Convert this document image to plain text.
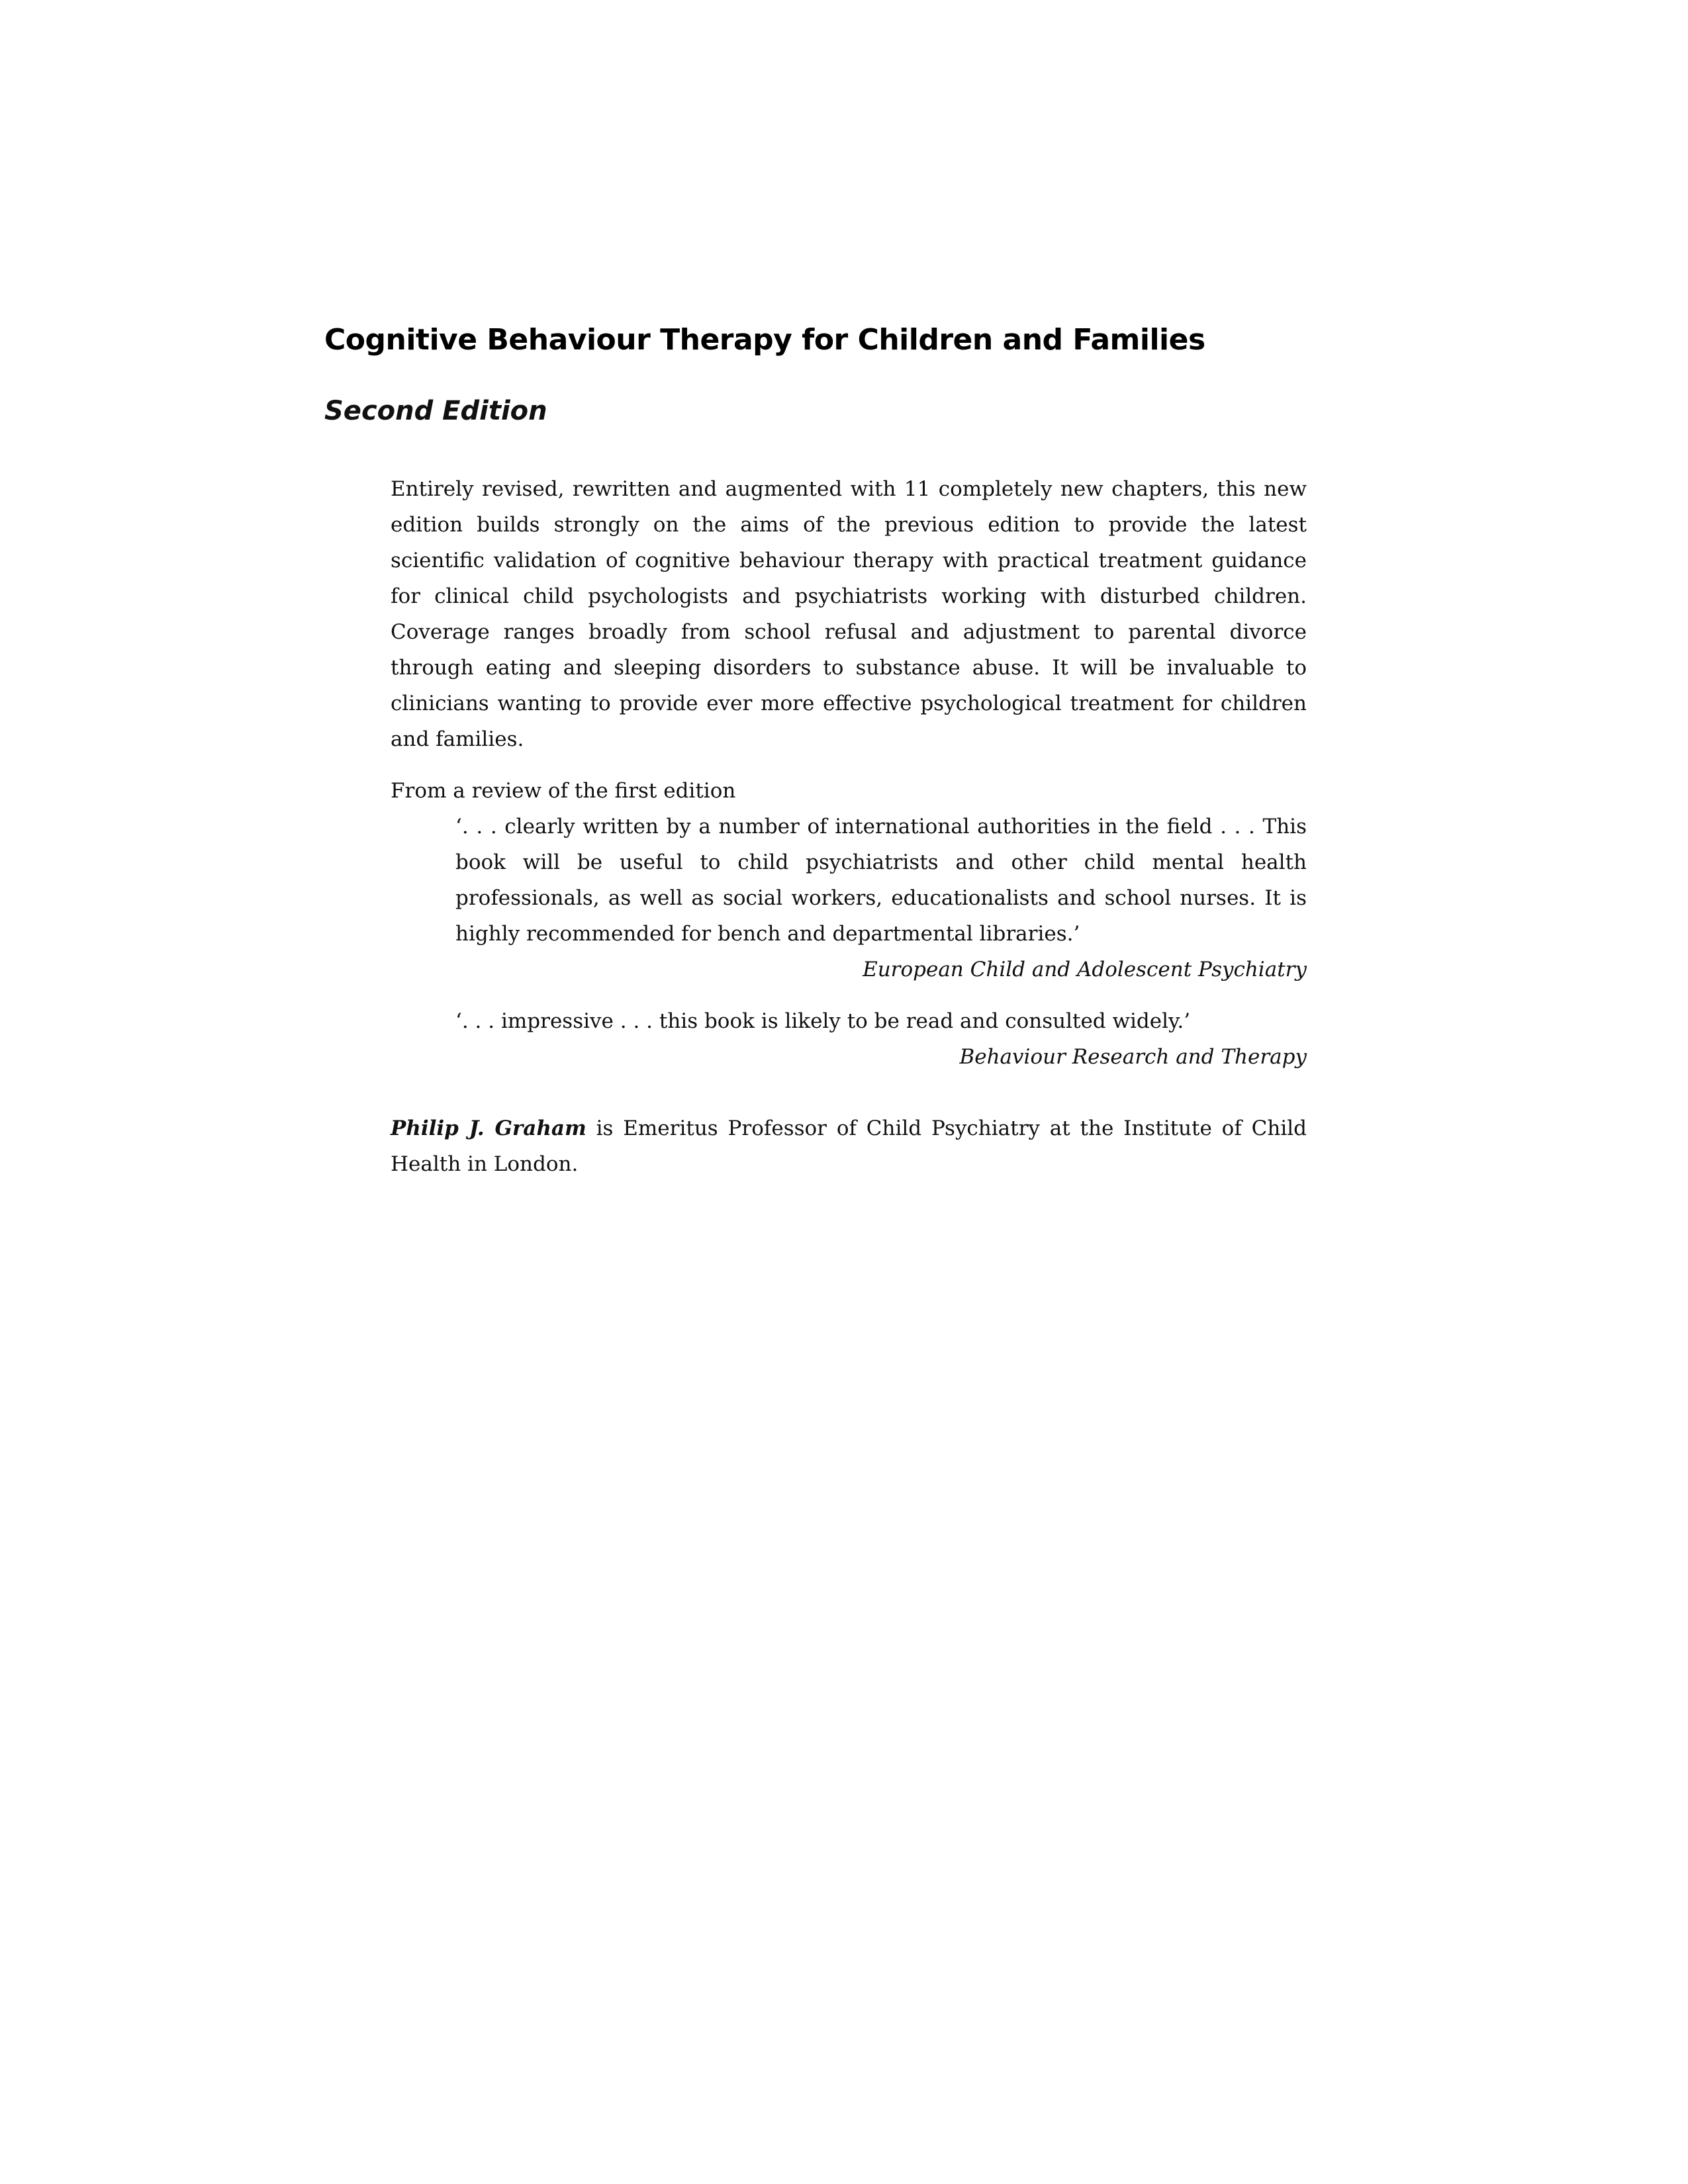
Cognitive Behaviour Therapy for Children and Families
Second Edition

Entirely revised, rewritten and augmented with 11 completely new chapters, this new edition builds strongly on the aims of the previous edition to provide the latest scientific validation of cognitive behaviour therapy with practical treatment guidance for clinical child psychologists and psychiatrists working with disturbed children. Coverage ranges broadly from school refusal and adjustment to parental divorce through eating and sleeping disorders to substance abuse. It will be invaluable to clinicians wanting to provide ever more effective psychological treatment for children and families.

From a review of the first edition

‘. . . clearly written by a number of international authorities in the field . . . This book will be useful to child psychiatrists and other child mental health professionals, as well as social workers, educationalists and school nurses. It is highly recommended for bench and departmental libraries.’

European Child and Adolescent Psychiatry

‘. . . impressive . . . this book is likely to be read and consulted widely.’

Behaviour Research and Therapy

Philip J. Graham is Emeritus Professor of Child Psychiatry at the Institute of Child Health in London.
